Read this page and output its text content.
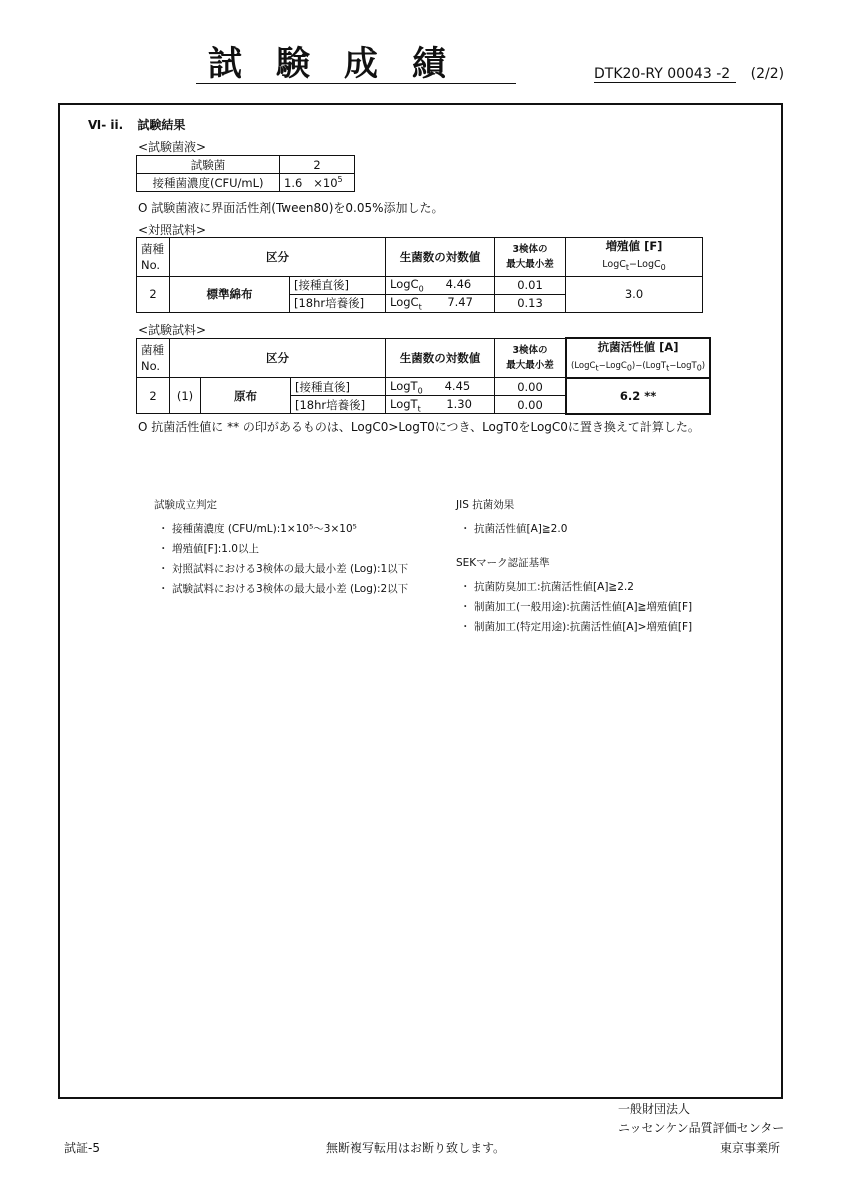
試験成績	DTK20-RY 00043 -2 (2/2)
Ⅵ- ii. 試験結果
<試験菌液>
試験菌	2
接種菌濃度(CFU/mL)	$1.6 \times 10^5$
O 試験菌液に界面活性剤(Tween80)を0.05%添加した。
<対照試料>
菌種
No.	区分		生菌数の対数値	3検体の
最大最小差	増殖値 [F]
LogC$_t$−LogC$_0$
2	標準綿布	[接種直後]	LogC$_0$ 4.46	0.01	3.0
		[18hr培養後]	LogC$_t$ 7.47	0.13	
<試験試料>
菌種
No.	区分			生菌数の対数値	3検体の
最大最小差	抗菌活性値 [A]
(LogC$_t$−LogC$_0$)−(LogT$_t$−LogT$_0$)
2	(1)	原布	[接種直後]	LogT$_0$ 4.45	0.00	6.2 **
			[18hr培養後]	LogT$_t$ 1.30	0.00	
O 抗菌活性値に ** の印があるものは、LogC0>LogT0につき、LogT0をLogC0に置き換えて計算した。
試験成立判定
・ 接種菌濃度 (CFU/mL):1×10⁵〜3×10⁵
・ 増殖値[F]:1.0以上
・ 対照試料における3検体の最大最小差 (Log):1以下
・ 試験試料における3検体の最大最小差 (Log):2以下
JIS 抗菌効果
・ 抗菌活性値[A]≧2.0
SEKマーク認証基準
・ 抗菌防臭加工:抗菌活性値[A]≧2.2
・ 制菌加工(一般用途):抗菌活性値[A]≧増殖値[F]
・ 制菌加工(特定用途):抗菌活性値[A]>増殖値[F]
試証-5	無断複写転用はお断り致します。
一般財団法人
ニッセンケン品質評価センター
東京事業所
